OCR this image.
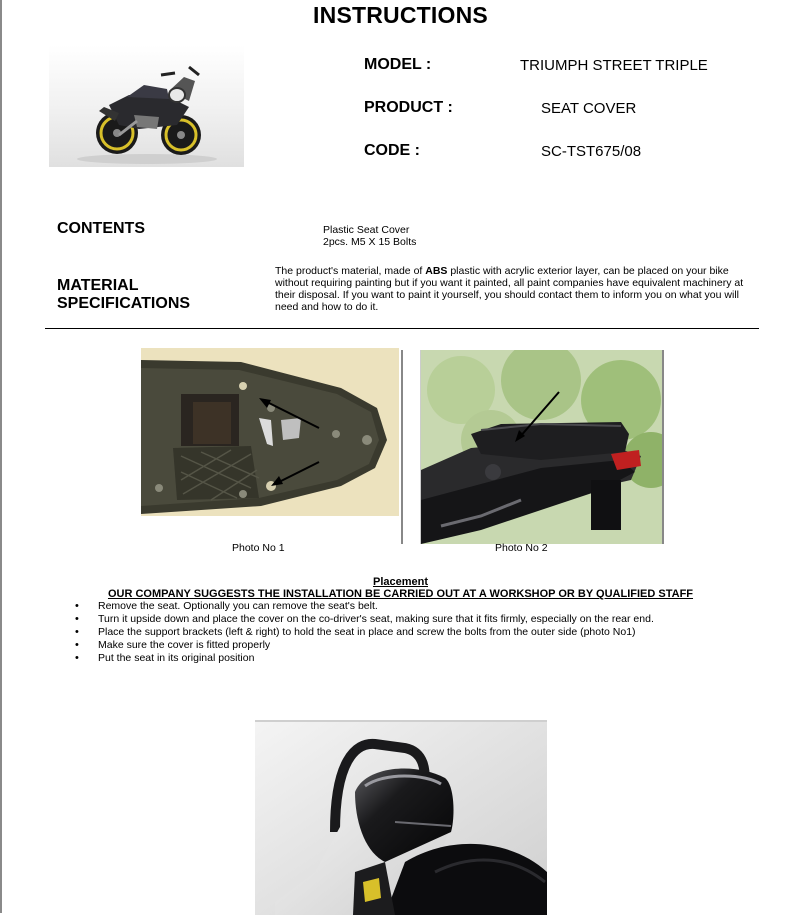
INSTRUCTIONS
MODEL :	TRIUMPH STREET TRIPLE
PRODUCT :	SEAT COVER
CODE :	SC-TST675/08
CONTENTS	Plastic Seat Cover
2pcs. M5 X 15 Bolts
MATERIAL
SPECIFICATIONS
The product's material, made of ABS plastic with acrylic exterior layer, can be placed on your bike without requiring painting but if you want it painted, all paint companies have equivalent machinery at their disposal. If you want to paint it yourself, you should contact them to inform you on what you will need and how to do it.
Photo No 1	Photo No 2
Placement
OUR COMPANY SUGGESTS THE INSTALLATION BE CARRIED OUT AT A WORKSHOP OR BY QUALIFIED STAFF
• Remove the seat. Optionally you can remove the seat's belt.
• Turn it upside down and place the cover on the co-driver's seat, making sure that it fits firmly, especially on the rear end.
• Place the support brackets (left & right) to hold the seat in place and screw the bolts from the outer side (photo No1)
• Make sure the cover is fitted properly
• Put the seat in its original position
